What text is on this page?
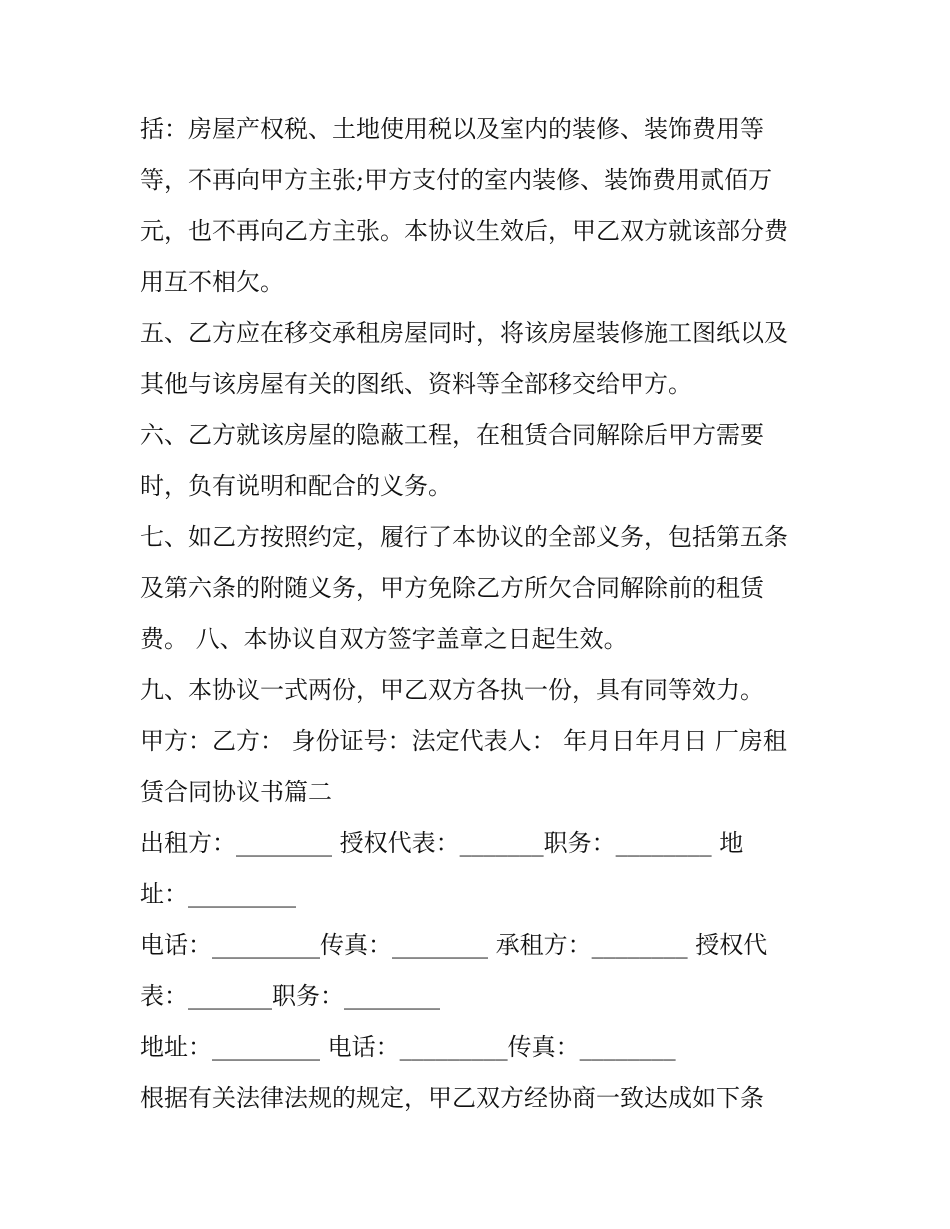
括：房屋产权税、土地使用税以及室内的装修、装饰费用等
等，不再向甲方主张;甲方支付的室内装修、装饰费用贰佰万
元，也不再向乙方主张。本协议生效后，甲乙双方就该部分费
用互不相欠。
五、乙方应在移交承租房屋同时，将该房屋装修施工图纸以及
其他与该房屋有关的图纸、资料等全部移交给甲方。
六、乙方就该房屋的隐蔽工程，在租赁合同解除后甲方需要
时，负有说明和配合的义务。
七、如乙方按照约定，履行了本协议的全部义务，包括第五条
及第六条的附随义务，甲方免除乙方所欠合同解除前的租赁
费。 八、本协议自双方签字盖章之日起生效。
九、本协议一式两份，甲乙双方各执一份，具有同等效力。
甲方：乙方： 身份证号：法定代表人： 年月日年月日 厂房租
赁合同协议书篇二
出租方：________ 授权代表：_______职务：________ 地
址：_________
电话：_________传真：________ 承租方：________ 授权代
表：_______职务：________
地址：_________ 电话：_________传真：________
根据有关法律法规的规定，甲乙双方经协商一致达成如下条
